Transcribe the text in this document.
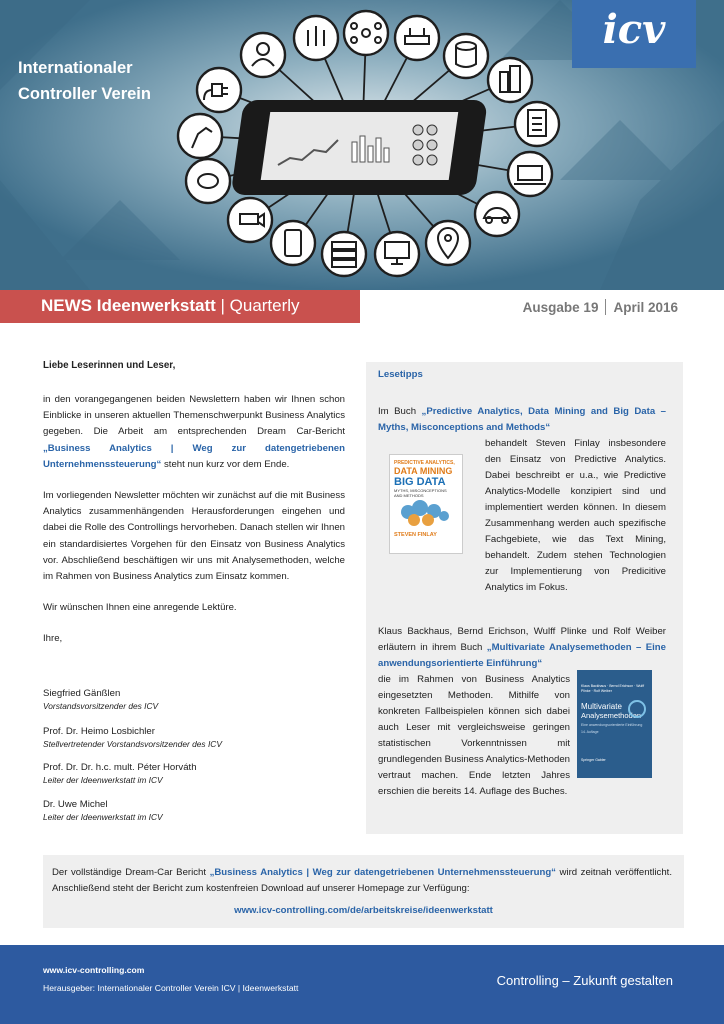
Internationaler
Controller Verein
icv
NEWS Ideenwerkstatt | Quarterly	Ausgabe 19 April 2016
Liebe Leserinnen und Leser,

in den vorangegangenen beiden Newslettern haben wir Ihnen schon Einblicke in unseren aktuellen Themenschwerpunkt Business Analytics gegeben. Die Arbeit am entsprechenden Dream Car-Bericht „Business Analytics | Weg zur datengetriebenen Unternehmenssteuerung“ steht nun kurz vor dem Ende.

Im vorliegenden Newsletter möchten wir zunächst auf die mit Business Analytics zusammenhängenden Herausforderungen eingehen und dabei die Rolle des Controllings hervorheben. Danach stellen wir Ihnen ein standardisiertes Vorgehen für den Einsatz von Business Analytics vor. Abschließend beschäftigen wir uns mit Analysemethoden, welche im Rahmen von Business Analytics zum Einsatz kommen.

Wir wünschen Ihnen eine anregende Lektüre.

Ihre,

Siegfried Gänßlen
Vorstandsvorsitzender des ICV
Prof. Dr. Heimo Losbichler
Stellvertretender Vorstandsvorsitzender des ICV
Prof. Dr. Dr. h.c. mult. Péter Horváth
Leiter der Ideenwerkstatt im ICV
Dr. Uwe Michel
Leiter der Ideenwerkstatt im ICV
Lesetipps

Im Buch „Predictive Analytics, Data Mining and Big Data – Myths, Misconceptions and Methods“

behandelt Steven Finlay insbesondere den Einsatz von Predictive Analytics. Dabei beschreibt er u.a., wie Predictive Analytics-Modelle konzipiert sind und implementiert werden können. In diesem Zusammenhang werden auch spezifische Fachgebiete, wie das Text Mining, behandelt. Zudem stehen Technologien zur Implementierung von Predicitive Analytics im Fokus.
PREDICTIVE ANALYTICS,
DATA MINING
BIG DATA
MYTHS, MISCONCEPTIONS
AND METHODS
STEVEN FINLAY

Klaus Backhaus, Bernd Erichson, Wulff Plinke und Rolf Weiber erläutern in ihrem Buch „Multivariate Analysemethoden – Eine anwendungsorientierte Einführung“

die im Rahmen von Business Analytics eingesetzten Methoden. Mithilfe von konkreten Fallbeispielen können sich dabei auch Leser mit vergleichsweise geringen statistischen Vorkenntnissen mit grundlegenden Business Analytics-Methoden vertraut machen. Ende letzten Jahres erschien die bereits 14. Auflage des Buches.
Klaus Backhaus · Bernd Erichson · Wulff Plinke · Rolf Weiber
Multivariate
Analysemethoden
Eine anwendungsorientierte Einführung
14. Auflage
Springer Gabler

Der vollständige Dream-Car Bericht „Business Analytics | Weg zur datengetriebenen Unternehmenssteuerung“ wird zeitnah veröffentlicht. Anschließend steht der Bericht zum kostenfreien Download auf unserer Homepage zur Verfügung:

www.icv-controlling.com/de/arbeitskreise/ideenwerkstatt
www.icv-controlling.com
Herausgeber: Internationaler Controller Verein ICV | Ideenwerkstatt	Controlling – Zukunft gestalten
